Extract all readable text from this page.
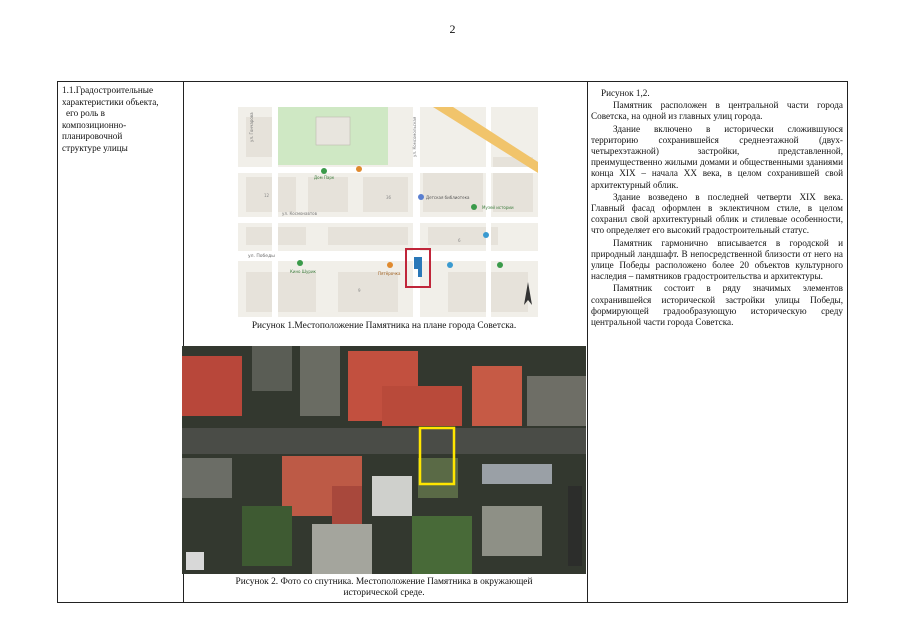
2
1.1.Градостроительные
характеристики объекта,
его роль в
композиционно-
планировочной
структуре улицы
ул. Гончарова	ул. Комсомольская
ул. Победы
ул. Космонавтов
Дом Парк
Музей истории
Детская библиотека
Кино Шурик	Пятёрочка
12	36
6
9
Рисунок 1.Местоположение Памятника на плане города Советска.
Рисунок 2. Фото со спутника. Местоположение Памятника в окружающей
исторической среде.

Рисунок 1,2.

Памятник расположен в центральной части города Советска, на одной из главных улиц города.

Здание включено в исторически сложившуюся территорию сохранившейся среднеэтажной (двух-четырехэтажной) застройки, представленной, преимущественно жилыми домами и общественными зданиями конца XIX – начала XX века, в целом сохранившей свой архитектурный облик.

Здание возведено в последней четверти XIX века. Главный фасад оформлен в эклектичном стиле, в целом сохранил свой архитектурный облик и стилевые особенности, что определяет его высокий градостроительный статус.

Памятник гармонично вписывается в городской и природный ландшафт. В непосредственной близости от него на улице Победы расположено более 20 объектов культурного наследия – памятников градостроительства и архитектуры.

Памятник состоит в ряду значимых элементов сохранившейся исторической застройки улицы Победы, формирующей градообразующую историческую среду центральной части города Советска.
